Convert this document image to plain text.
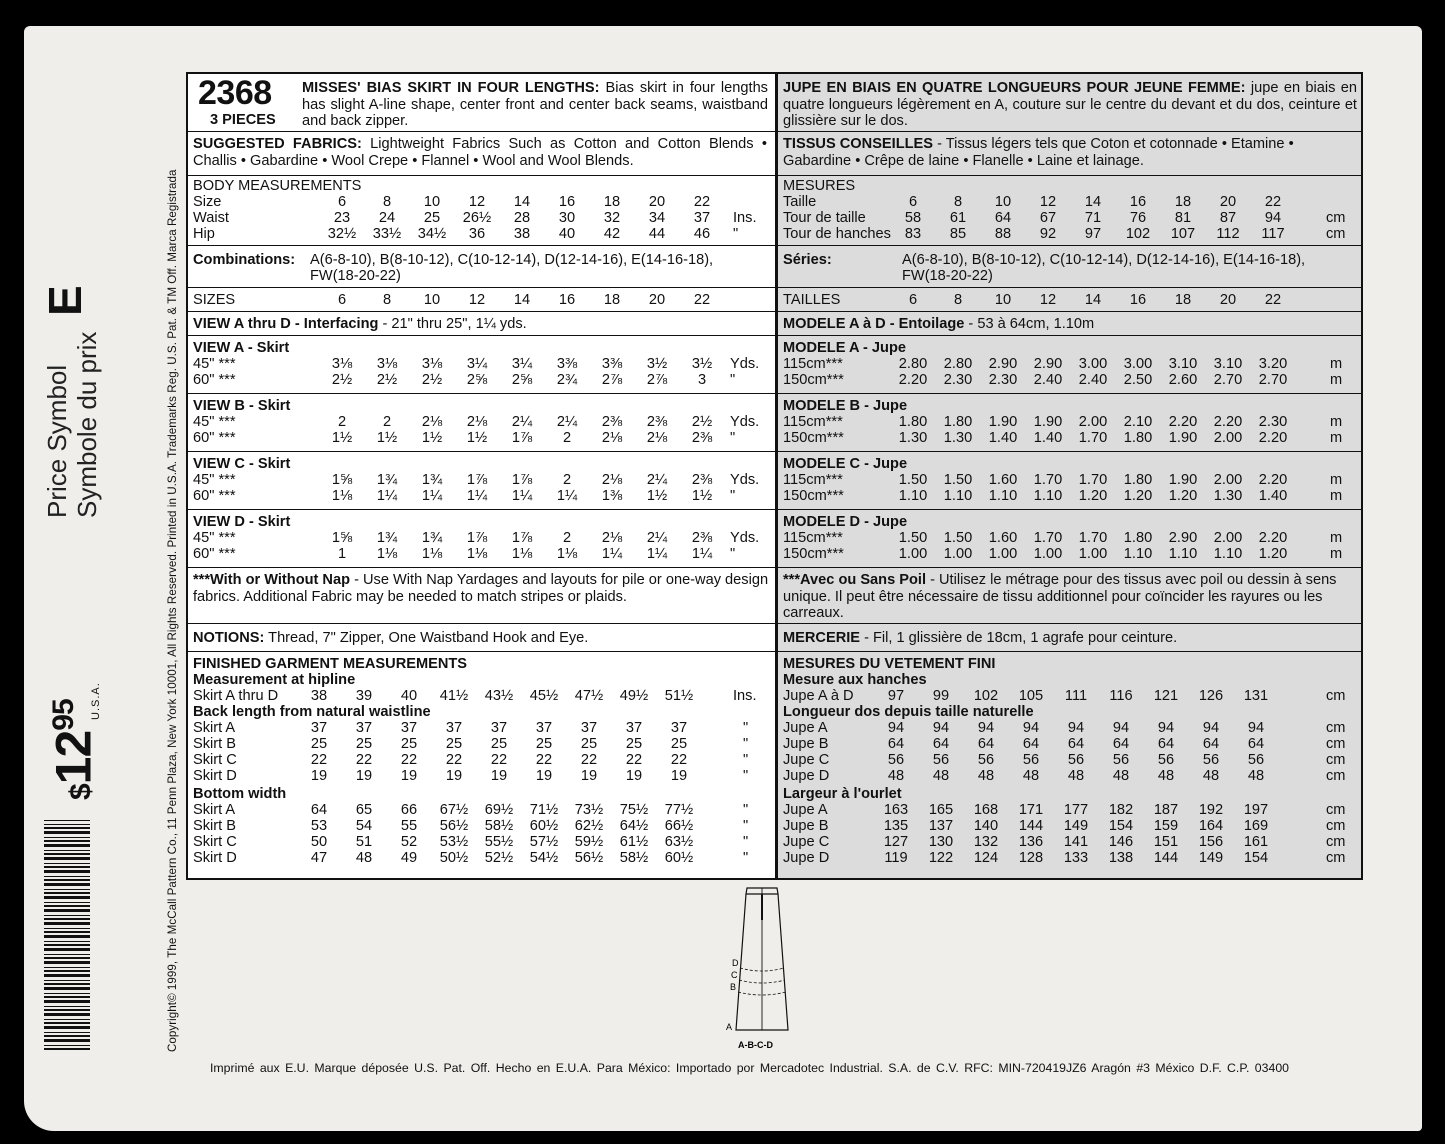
E
Price Symbol Symbole du prix
$\$12^{95}$ U.S.A.	Copyright© 1999, The McCall Pattern Co., 11 Penn Plaza, New York 10001, All Rights Reserved. Printed in U.S.A. Trademarks Reg. U.S. Pat. & TM Off. Marca Registrada
2368
3 PIECES
MISSES' BIAS SKIRT IN FOUR LENGTHS: Bias skirt in four lengths has slight A-line shape, center front and center back seams, waistband and back zipper.
SUGGESTED FABRICS: Lightweight Fabrics Such as Cotton and Cotton Blends • Challis • Gabardine • Wool Crepe • Flannel • Wool and Wool Blends.
BODY MEASUREMENTS
Size	6	8	10	12	14	16	18	20	22
Waist	23	24	25	26½	28	30	32	34	37	Ins.
Hip	32½	33½	34½	36	38	40	42	44	46	"
Combinations: A(6-8-10), B(8-10-12), C(10-12-14), D(12-14-16), E(14-16-18),
FW(18-20-22)
SIZES	6	8	10	12	14	16	18	20	22
VIEW A thru D - Interfacing - 21" thru 25", 1¼ yds.
***With or Without Nap - Use With Nap Yardages and layouts for pile or one-way design fabrics. Additional Fabric may be needed to match stripes or plaids.
NOTIONS: Thread, 7" Zipper, One Waistband Hook and Eye.
FINISHED GARMENT MEASUREMENTS
Measurement at hipline
Back length from natural waistline
Bottom width
Skirt A thru D	38	39	40	41½	43½	45½	47½	49½	51½	Ins.
Skirt A	37	37	37	37	37	37	37	37	37	"
Skirt B	25	25	25	25	25	25	25	25	25	"
Skirt C	22	22	22	22	22	22	22	22	22	"
Skirt D	19	19	19	19	19	19	19	19	19	"
Skirt A	64	65	66	67½	69½	71½	73½	75½	77½	"
Skirt B	53	54	55	56½	58½	60½	62½	64½	66½	"
Skirt C	50	51	52	53½	55½	57½	59½	61½	63½	"
Skirt D	47	48	49	50½	52½	54½	56½	58½	60½	"
VIEW A - Skirt
45" ***	3⅛	3⅛	3⅛	3¼	3¼	3⅜	3⅜	3½	3½	Yds.
60" ***	2½	2½	2½	2⅝	2⅝	2¾	2⅞	2⅞	3	"
VIEW B - Skirt
45" ***	2	2	2⅛	2⅛	2¼	2¼	2⅜	2⅜	2½	Yds.
60" ***	1½	1½	1½	1½	1⅞	2	2⅛	2⅛	2⅜	"
VIEW C - Skirt
45" ***	1⅝	1¾	1¾	1⅞	1⅞	2	2⅛	2¼	2⅜	Yds.
60" ***	1⅛	1¼	1¼	1¼	1¼	1¼	1⅜	1½	1½	"
VIEW D - Skirt
45" ***	1⅝	1¾	1¾	1⅞	1⅞	2	2⅛	2¼	2⅜	Yds.
60" ***	1	1⅛	1⅛	1⅛	1⅛	1⅛	1¼	1¼	1¼	"
JUPE EN BIAIS EN QUATRE LONGUEURS POUR JEUNE FEMME: jupe en biais en quatre longueurs légèrement en A, couture sur le centre du devant et du dos, ceinture et glissière sur le dos.
TISSUS CONSEILLES - Tissus légers tels que Coton et cotonnade • Etamine • Gabardine • Crêpe de laine • Flanelle • Laine et lainage.
MESURES
Taille	6	8	10	12	14	16	18	20	22
Tour de taille	58	61	64	67	71	76	81	87	94	cm
Tour de hanches 83	85	88	92	97	102	107	112	117	cm
Séries:	A(6-8-10), B(8-10-12), C(10-12-14), D(12-14-16), E(14-16-18),
FW(18-20-22)
TAILLES	6	8	10	12	14	16	18	20	22
MODELE A à D - Entoilage - 53 à 64cm, 1.10m
***Avec ou Sans Poil - Utilisez le métrage pour des tissus avec poil ou dessin à sens unique. Il peut être nécessaire de tissu additionnel pour coïncider les rayures ou les carreaux.
MERCERIE - Fil, 1 glissière de 18cm, 1 agrafe pour ceinture.
MESURES DU VETEMENT FINI
Mesure aux hanches
Longueur dos depuis taille naturelle
Largeur à l'ourlet
Jupe A à D	97	99	102	105	111	116	121	126	131	cm
Jupe A	94	94	94	94	94	94	94	94	94	cm
Jupe B	64	64	64	64	64	64	64	64	64	cm
Jupe C	56	56	56	56	56	56	56	56	56	cm
Jupe D	48	48	48	48	48	48	48	48	48	cm
Jupe A	163	165	168	171	177	182	187	192	197	cm
Jupe B	135	137	140	144	149	154	159	164	169	cm
Jupe C	127	130	132	136	141	146	151	156	161	cm
Jupe D	119	122	124	128	133	138	144	149	154	cm
MODELE A - Jupe
115cm***	2.80	2.80	2.90	2.90	3.00	3.00	3.10	3.10	3.20	m
150cm***	2.20	2.30	2.30	2.40	2.40	2.50	2.60	2.70	2.70	m
MODELE B - Jupe
115cm***	1.80	1.80	1.90	1.90	2.00	2.10	2.20	2.20	2.30	m
150cm***	1.30	1.30	1.40	1.40	1.70	1.80	1.90	2.00	2.20	m
MODELE C - Jupe
115cm***	1.50	1.50	1.60	1.70	1.70	1.80	1.90	2.00	2.20	m
150cm***	1.10	1.10	1.10	1.10	1.20	1.20	1.20	1.30	1.40	m
MODELE D - Jupe
115cm***	1.50	1.50	1.60	1.70	1.70	1.80	2.90	2.00	2.20	m
150cm***	1.00	1.00	1.00	1.00	1.00	1.10	1.10	1.10	1.20	m
D
C
B
A
A-B-C-D
Imprimé aux E.U. Marque déposée U.S. Pat. Off. Hecho en E.U.A. Para México: Importado por Mercadotec Industrial. S.A. de C.V. RFC: MIN-720419JZ6 Aragón #3 México D.F. C.P. 03400
